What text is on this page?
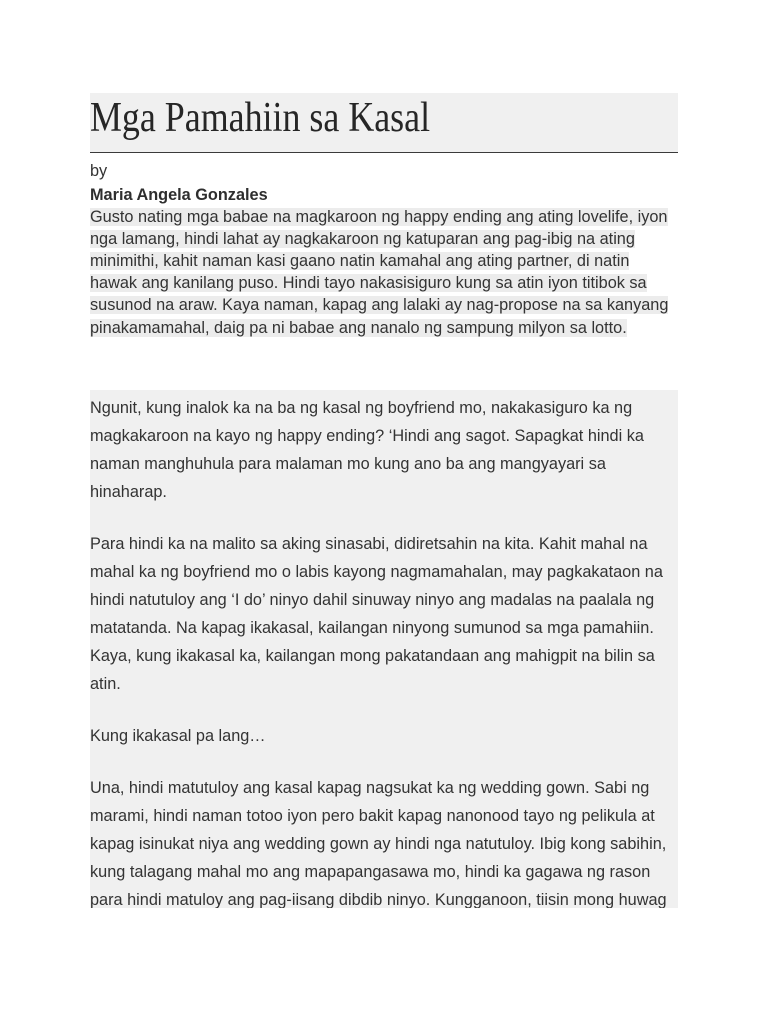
Mga Pamahiin sa Kasal
by
Maria Angela Gonzales
Gusto nating mga babae na magkaroon ng happy ending ang ating lovelife, iyon
nga lamang, hindi lahat ay nagkakaroon ng katuparan ang pag-ibig na ating
minimithi, kahit naman kasi gaano natin kamahal ang ating partner, di natin
hawak ang kanilang puso. Hindi tayo nakasisiguro kung sa atin iyon titibok sa
susunod na araw. Kaya naman, kapag ang lalaki ay nag-propose na sa kanyang
pinakamamahal, daig pa ni babae ang nanalo ng sampung milyon sa lotto.
Ngunit, kung inalok ka na ba ng kasal ng boyfriend mo, nakakasiguro ka ng
magkakaroon na kayo ng happy ending? ‘Hindi ang sagot. Sapagkat hindi ka
naman manghuhula para malaman mo kung ano ba ang mangyayari sa
hinaharap.
Para hindi ka na malito sa aking sinasabi, didiretsahin na kita. Kahit mahal na
mahal ka ng boyfriend mo o labis kayong nagmamahalan, may pagkakataon na
hindi natutuloy ang ‘I do’ ninyo dahil sinuway ninyo ang madalas na paalala ng
matatanda. Na kapag ikakasal, kailangan ninyong sumunod sa mga pamahiin.
Kaya, kung ikakasal ka, kailangan mong pakatandaan ang mahigpit na bilin sa
atin.
Kung ikakasal pa lang…
Una, hindi matutuloy ang kasal kapag nagsukat ka ng wedding gown. Sabi ng
marami, hindi naman totoo iyon pero bakit kapag nanonood tayo ng pelikula at
kapag isinukat niya ang wedding gown ay hindi nga natutuloy. Ibig kong sabihin,
kung talagang mahal mo ang mapapangasawa mo, hindi ka gagawa ng rason
para hindi matuloy ang pag-iisang dibdib ninyo. Kungganoon, tiisin mong huwag
